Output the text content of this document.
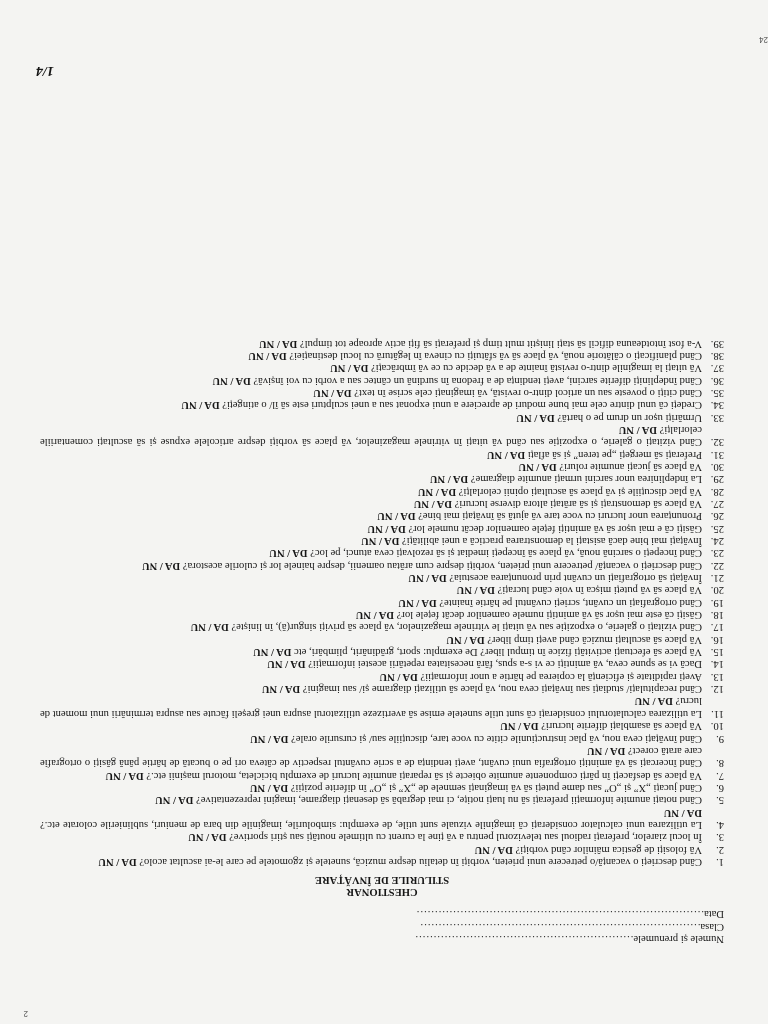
2

Numele și prenumele............................................................

Clasa.............................................................................

Data...............................................................................

CHESTIONAR
STILURILE DE ÎNVĂȚARE
1.
Când descrieți o vacanță/o petrecere unui prieten, vorbiți în detaliu despre muzică, sunetele și zgomotele pe care le-ai ascultat acolo? DA / NU
2.
Vă folosiți de gestica mâinilor când vorbiți? DA / NU
3.
În locul ziarelor, preferați radioul sau televizorul pentru a vă ține la curent cu ultimele noutăți sau știri sportive? DA / NU
4.
La utilizarea unui calculator considerați că imaginile vizuale sunt utile, de exemplu: simbolurile, imaginile din bara de meniuri, sublinierile colorate etc.? DA / NU
5.
Când notați anumite informații preferați să nu luați notițe, ci mai degrabă să desenați diagrame, imagini reprezentative? DA / NU
6.
Când jucați „X” și „O” sau dame puteți să vă imaginați semnele de „X” și „O” în diferite poziții? DA / NU
7.
Vă place să desfaceți în părți componente anumite obiecte și să reparați anumite lucruri de exemplu bicicleta, motorul mașinii etc.? DA / NU
8.
Când încercați să vă amintiți ortografia unui cuvânt, aveți tendința de a scrie cuvântul respectiv de câteva ori pe o bucată de hârtie până găsiți o ortografie care arată corect? DA / NU
9.
Când învățați ceva nou, vă plac instrucțiunile citite cu voce tare, discuțiile sau/ și cursurile orale? DA / NU
10.
Vă place să asamblați diferite lucruri? DA / NU
11.
La utilizarea calculatorului considerați că sunt utile sunetele emise să avertizeze utilizatorul asupra unei greșeli făcute sau asupra terminării unui moment de lucru? DA / NU
12.
Când recapitulați/ studiați sau învățați ceva nou, vă place să utilizați diagrame și/ sau imagini? DA / NU
13.
Aveți rapiditate și eficiență la copierea pe hârtie a unor informații? DA / NU
14.
Dacă vi se spune ceva, vă amintiți ce vi s-a spus, fără necesitatea repetării acestei informații? DA / NU
15.
Vă place să efectuați activități fizice în timpul liber? De exemplu: sport, grădinărit, plimbări, etc DA / NU
16.
Vă place să ascultați muzică când aveți timp liber? DA / NU
17.
Când vizitați o galerie, o expoziție sau vă uitați le vitrinele magazinelor, vă place să priviți singur(ă), în liniște? DA / NU
18.
Găsiți că este mai ușor să vă amintiți numele oamenilor decât fețele lor? DA / NU
19.
Când ortografiați un cuvânt, scrieți cuvântul pe hârtie înainte? DA / NU
20.
Vă place să vă puteți mișca în voie când lucrați? DA / NU
21.
Învățați să ortografiați un cuvânt prin pronunțarea acestuia? DA / NU
22.
Când descrieți o vacanță/ petrecere unui prieten, vorbiți despre cum arătau oamenii, despre hainele lor și culorile acestora? DA / NU
23.
Când începeți o sarcină nouă, vă place să începeți imediat și să rezolvați ceva atunci, pe loc? DA / NU
24.
Învățați mai bine dacă asistați la demonstrarea practică a unei abilități? DA / NU
25.
Găsiți că e mai ușor să vă amintiți fețele oamenilor decât numele lor? DA / NU
26.
Pronunțarea unor lucruri cu voce tare vă ajută să învățați mai bine? DA / NU
27.
Vă place să demonstrați și să arătați altora diverse lucruri? DA / NU
28.
Vă plac discuțiile și vă place să ascultați opinii celorlalți? DA / NU
29.
La îndeplinirea unor sarcini urmați anumite diagrame? DA / NU
30.
Vă place să jucați anumite roluri? DA / NU
31.
Preferați să mergeți „pe teren” și să aflați DA / NU
32.
Când vizitați o galerie, o expoziție sau când vă uitați în vitrinele magazinelor, vă place să vorbiți despre articolele expuse și să ascultați comentariile celorlalți? DA / NU
33.
Urmăriți ușor un drum pe o hartă? DA / NU
34.
Credeți că unul dintre cele mai bune moduri de apreciere a unui exponat sau a unei sculpturi este să îl/ o atingeți? DA / NU
35.
Când citiți o poveste sau un articol dintr-o revistă, vă imaginați cele scrise în text? DA / NU
36.
Când îndepliniți diferite sarcini, aveți tendința de a fredona în surdină un cântec sau a vorbi cu voi înșivă? DA / NU
37.
Vă uitați la imaginile dintr-o revistă înainte de a vă decide cu ce vă îmbrăcați? DA / NU
38.
Când planificați o călătorie nouă, vă place să vă sfătuiți cu cineva în legătură cu locul destinației? DA / NU
39.
V-a fost întotdeauna dificil să stați liniștit mult timp și preferați să fiți activ aproape tot timpul? DA / NU
1/4
24
